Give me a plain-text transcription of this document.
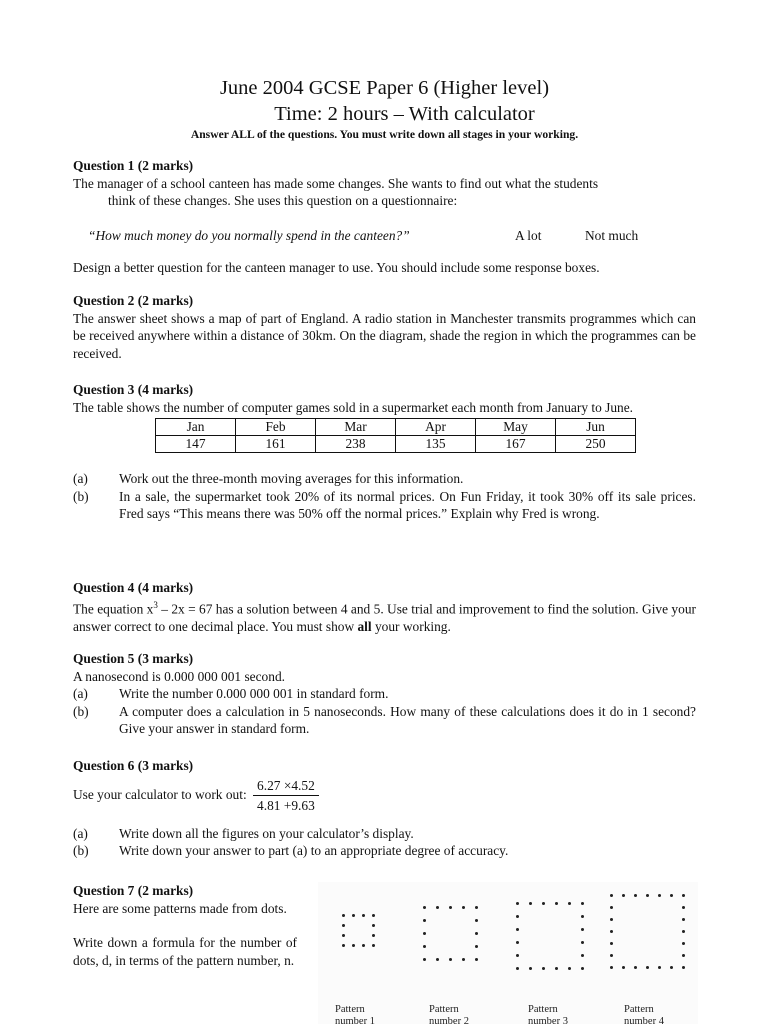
June 2004 GCSE Paper 6 (Higher level)
Time: 2 hours – With calculator
Answer ALL of the questions. You must write down all stages in your working.
Question 1 (2 marks)
The manager of a school canteen has made some changes. She wants to find out what the students
think of these changes. She uses this question on a questionnaire:
“How much money do you normally spend in the canteen?”	A lot	Not much
Design a better question for the canteen manager to use. You should include some response boxes.
Question 2 (2 marks)
The answer sheet shows a map of part of England. A radio station in Manchester transmits programmes which can be received anywhere within a distance of 30km. On the diagram, shade the region in which the programmes can be received.
Question 3 (4 marks)
The table shows the number of computer games sold in a supermarket each month from January to June.
Jan	Feb	Mar	Apr	May	Jun
147	161	238	135	167	250
(a)	Work out the three-month moving averages for this information.
(b)	In a sale, the supermarket took 20% of its normal prices. On Fun Friday, it took 30% off its sale prices. Fred says “This means there was 50% off the normal prices.” Explain why Fred is wrong.
Question 4 (4 marks)
The equation $x^3 - 2x = 67$ has a solution between 4 and 5. Use trial and improvement to find the solution. Give your answer correct to one decimal place. You must show all your working.
Question 5 (3 marks)
A nanosecond is 0.000 000 001 second.
(a)	Write the number 0.000 000 001 in standard form.
(b)	A computer does a calculation in 5 nanoseconds. How many of these calculations does it do in 1 second? Give your answer in standard form.
Question 6 (3 marks)
Use your calculator to work out: $\frac{6.27 \times 4.52}{4.81 +9.63}$
(a)	Write down all the figures on your calculator’s display.
(b)	Write down your answer to part (a) to an appropriate degree of accuracy.
Question 7 (2 marks)
Here are some patterns made from dots.
Write down a formula for the number of dots, d, in terms of the pattern number, n.
Pattern
number 1
Pattern
number 2
Pattern
number 3
Pattern
number 4
